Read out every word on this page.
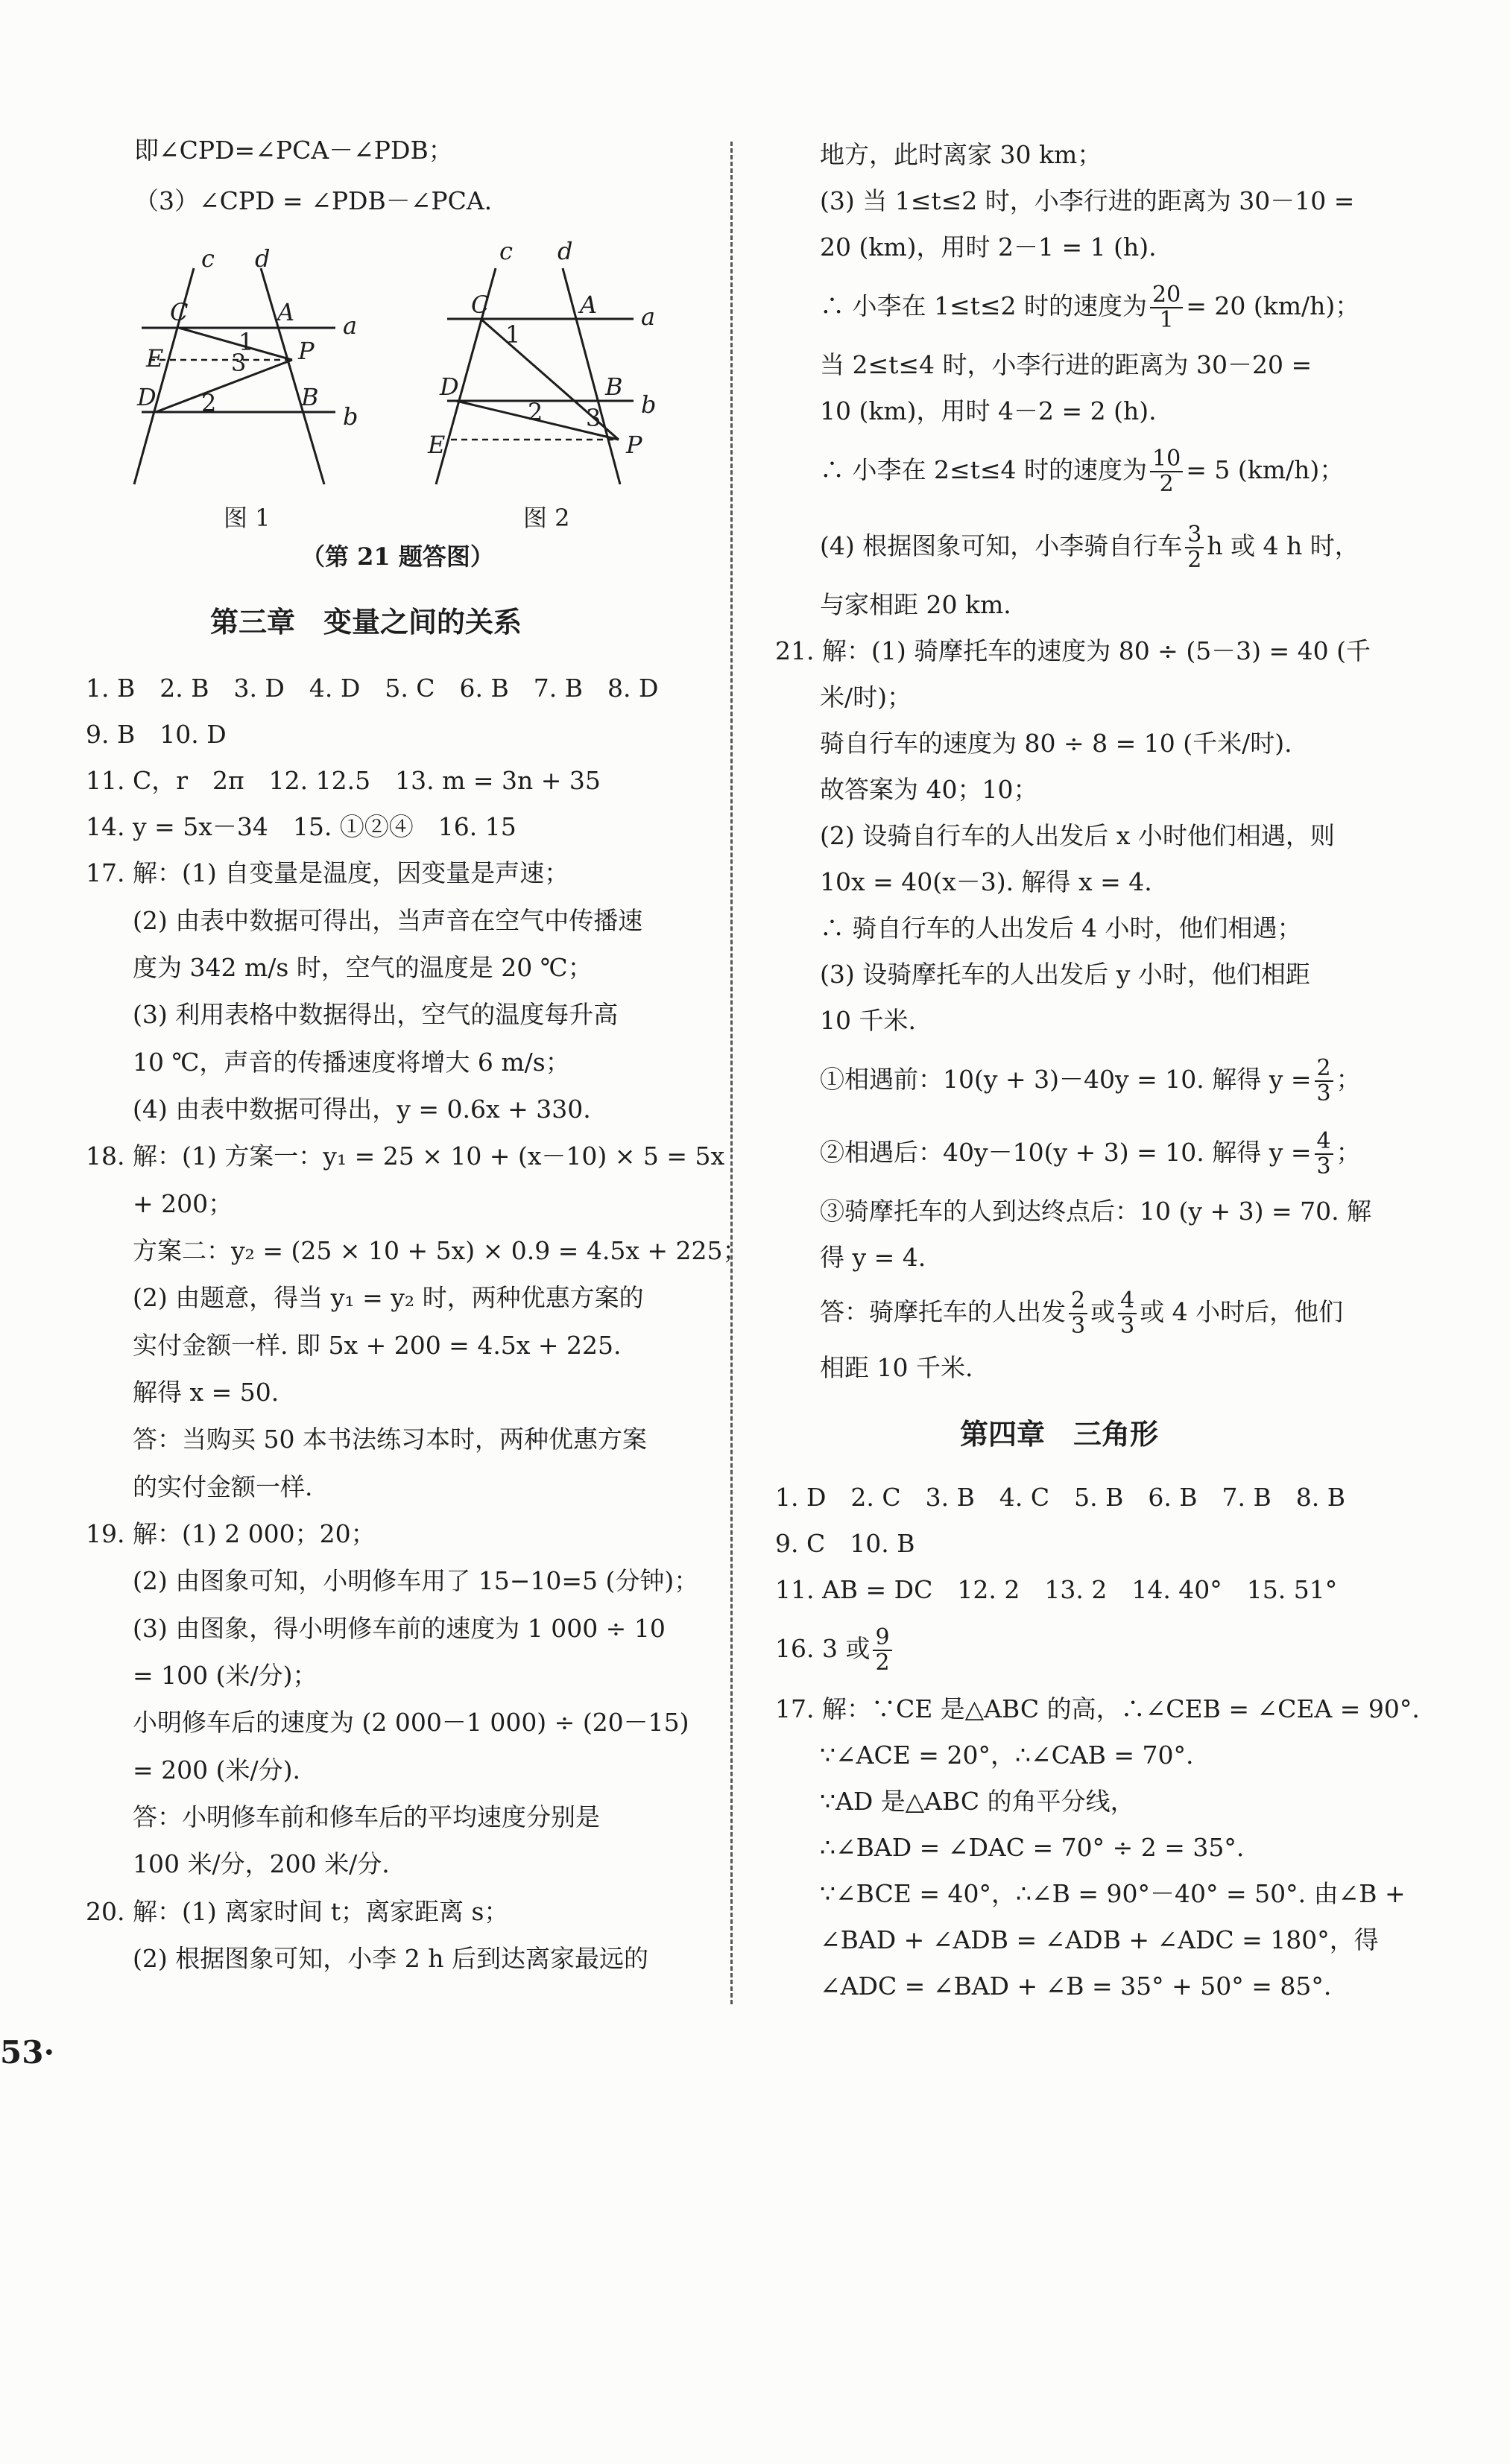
即∠CPD=∠PCA－∠PDB；
（3）∠CPD = ∠PDB－∠PCA.
c d
C	A a
E	P
D	B
b
1
2
3
图 1
c d
C	A a
D	B
b
E	P
1
2 3
图 2
（第 21 题答图）
第三章　变量之间的关系
1. B　2. B　3. D　4. D　5. C　6. B　7. B　8. D
9. B　10. D
11. C，r　2π　12. 12.5　13. m = 3n + 35
14. y = 5x－34　15. ①②④　16. 15
17. 解：(1) 自变量是温度，因变量是声速；
(2) 由表中数据可得出，当声音在空气中传播速
度为 342 m/s 时，空气的温度是 20 ℃；
(3) 利用表格中数据得出，空气的温度每升高
10 ℃，声音的传播速度将增大 6 m/s；
(4) 由表中数据可得出，y = 0.6x + 330.
18. 解：(1) 方案一：y₁ = 25 × 10 + (x－10) × 5 = 5x
+ 200；
方案二：y₂ = (25 × 10 + 5x) × 0.9 = 4.5x + 225；
(2) 由题意，得当 y₁ = y₂ 时，两种优惠方案的
实付金额一样. 即 5x + 200 = 4.5x + 225.
解得 x = 50.
答：当购买 50 本书法练习本时，两种优惠方案
的实付金额一样.
19. 解：(1) 2 000；20；
(2) 由图象可知，小明修车用了 15−10=5 (分钟)；
(3) 由图象，得小明修车前的速度为 1 000 ÷ 10
= 100 (米/分)；
小明修车后的速度为 (2 000－1 000) ÷ (20－15)
= 200 (米/分).
答：小明修车前和修车后的平均速度分别是
100 米/分，200 米/分.
20. 解：(1) 离家时间 t；离家距离 s；
(2) 根据图象可知，小李 2 h 后到达离家最远的
地方，此时离家 30 km；
(3) 当 1≤t≤2 时，小李行进的距离为 30－10 =
20 (km)，用时 2－1 = 1 (h).
∴ 小李在 1≤t≤2 时的速度为 $\frac{20}{1} = 20$ (km/h)；
当 2≤t≤4 时，小李行进的距离为 30－20 =
10 (km)，用时 4－2 = 2 (h).
∴ 小李在 2≤t≤4 时的速度为 $\frac{10}{2} = 5$ (km/h)；
(4) 根据图象可知，小李骑自行车 $\frac{3}{2}$ h 或 4 h 时，
与家相距 20 km.
21. 解：(1) 骑摩托车的速度为 80 ÷ (5－3) = 40 (千
米/时)；
骑自行车的速度为 80 ÷ 8 = 10 (千米/时).
故答案为 40；10；
(2) 设骑自行车的人出发后 x 小时他们相遇，则
10x = 40(x－3). 解得 x = 4.
∴ 骑自行车的人出发后 4 小时，他们相遇；
(3) 设骑摩托车的人出发后 y 小时，他们相距
10 千米.
①相遇前：10(y + 3)－40y = 10. 解得 $y = \frac{2}{3}$ ；
②相遇后：40y－10(y + 3) = 10. 解得 $y = \frac{4}{3}$ ；
③骑摩托车的人到达终点后：10 (y + 3) = 70. 解
得 y = 4.
答：骑摩托车的人出发 $\frac{2}{3}$ 或 $\frac{4}{3}$ 或 4 小时后，他们
相距 10 千米.
第四章　三角形
1. D　2. C　3. B　4. C　5. B　6. B　7. B　8. B
9. C　10. B
11. AB = DC　12. 2　13. 2　14. 40°　15. 51°
16. 3 或 $\frac{9}{2}$
17. 解：∵CE 是△ABC 的高，∴∠CEB = ∠CEA = 90°.
∵∠ACE = 20°，∴∠CAB = 70°.
∵AD 是△ABC 的角平分线，
∴∠BAD = ∠DAC = 70° ÷ 2 = 35°.
∵∠BCE = 40°，∴∠B = 90°－40° = 50°. 由∠B +
∠BAD + ∠ADB = ∠ADB + ∠ADC = 180°，得
∠ADC = ∠BAD + ∠B = 35° + 50° = 85°.
53·
